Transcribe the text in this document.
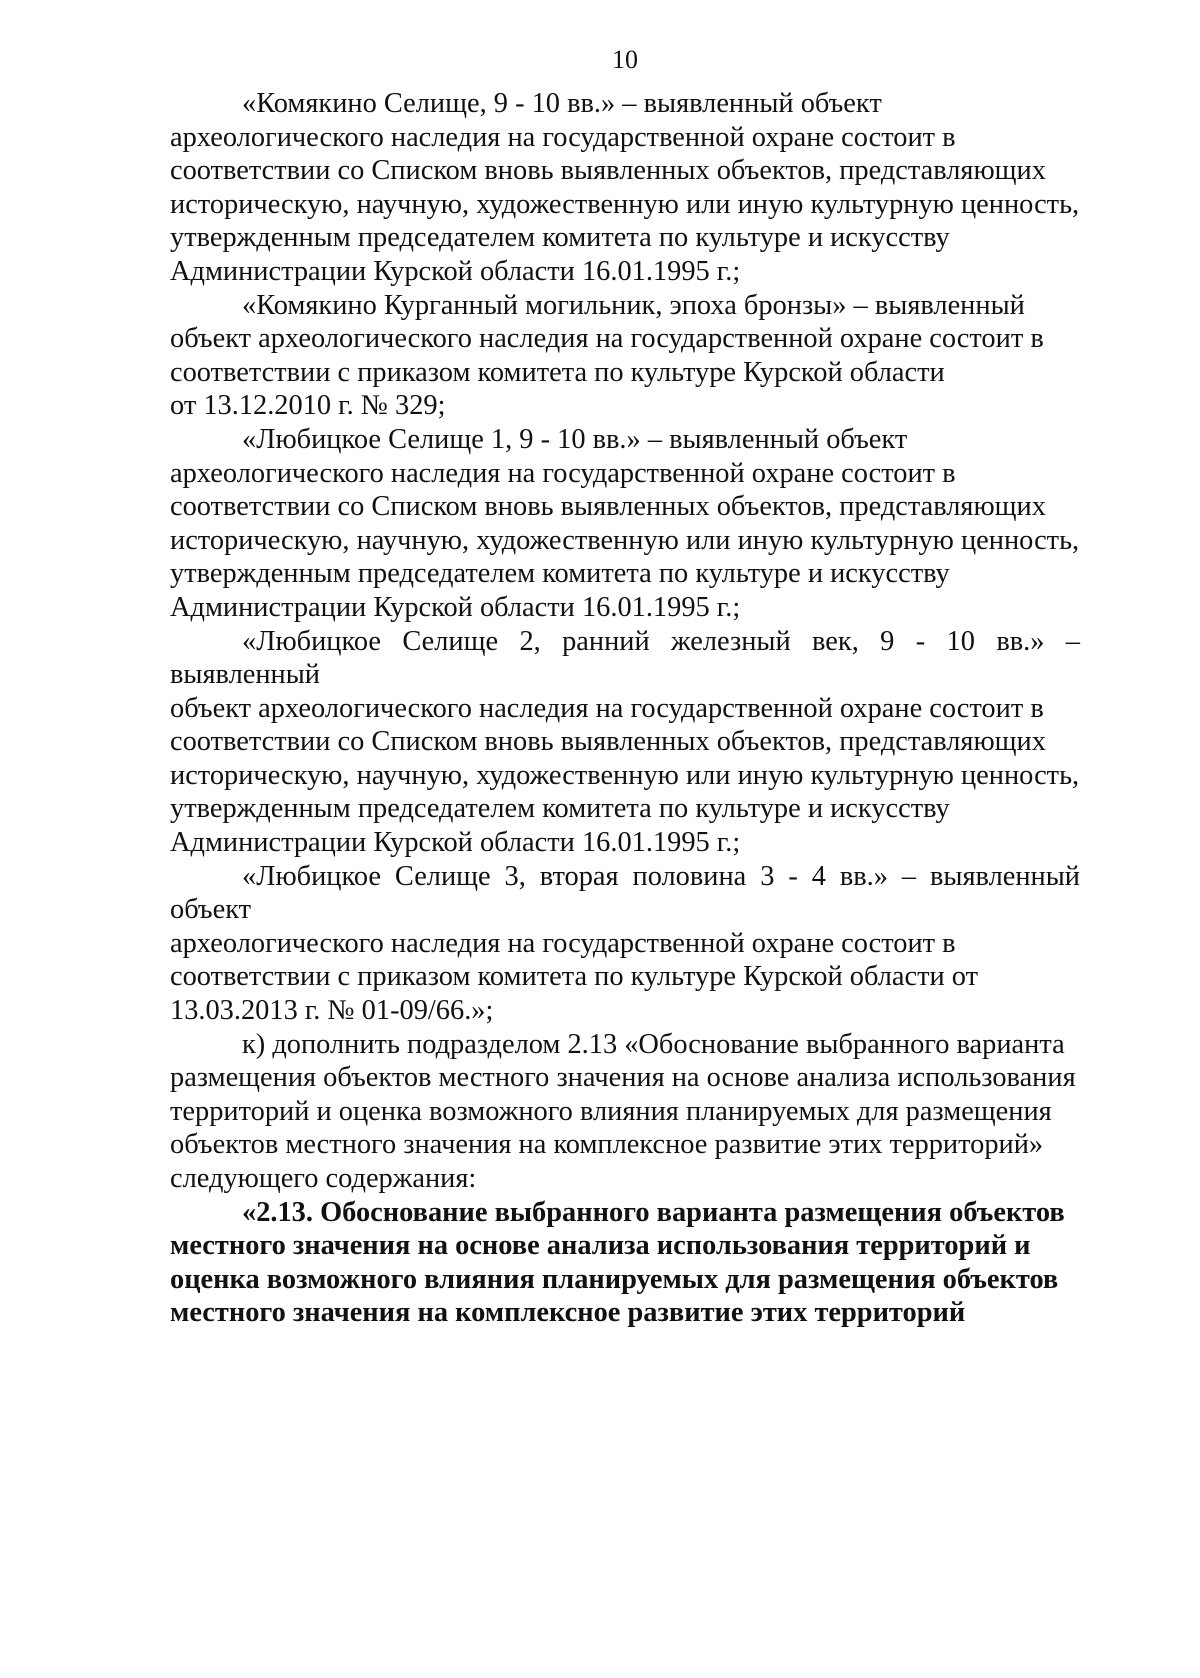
10

«Комякино Селище, 9 - 10 вв.» – выявленный объект
археологического наследия на государственной охране состоит в
соответствии со Списком вновь выявленных объектов, представляющих
историческую, научную, художественную или иную культурную ценность,
утвержденным председателем комитета по культуре и искусству
Администрации Курской области 16.01.1995 г.;

«Комякино Курганный могильник, эпоха бронзы» – выявленный
объект археологического наследия на государственной охране состоит в
соответствии с приказом комитета по культуре Курской области
от 13.12.2010 г. № 329;

«Любицкое Селище 1, 9 - 10 вв.» – выявленный объект
археологического наследия на государственной охране состоит в
соответствии со Списком вновь выявленных объектов, представляющих
историческую, научную, художественную или иную культурную ценность,
утвержденным председателем комитета по культуре и искусству
Администрации Курской области 16.01.1995 г.;

«Любицкое Селище 2, ранний железный век, 9 - 10 вв.» – выявленный
объект археологического наследия на государственной охране состоит в
соответствии со Списком вновь выявленных объектов, представляющих
историческую, научную, художественную или иную культурную ценность,
утвержденным председателем комитета по культуре и искусству
Администрации Курской области 16.01.1995 г.;

«Любицкое Селище 3, вторая половина 3 - 4 вв.» – выявленный объект
археологического наследия на государственной охране состоит в
соответствии с приказом комитета по культуре Курской области от
13.03.2013 г. № 01-09/66.»;

к) дополнить подразделом 2.13 «Обоснование выбранного варианта
размещения объектов местного значения на основе анализа использования
территорий и оценка возможного влияния планируемых для размещения
объектов местного значения на комплексное развитие этих территорий»
следующего содержания:

«2.13. Обоснование выбранного варианта размещения объектов
местного значения на основе анализа использования территорий и
оценка возможного влияния планируемых для размещения объектов
местного значения на комплексное развитие этих территорий
